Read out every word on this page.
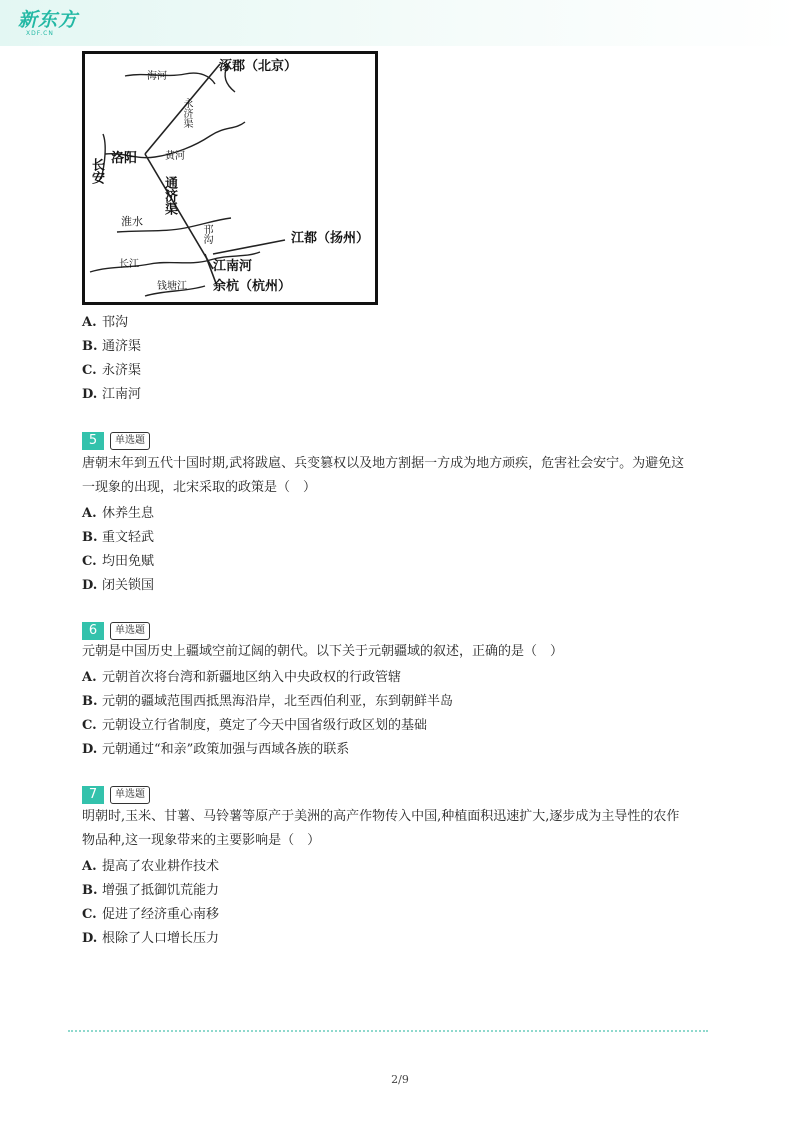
新东方
XDF.CN
涿郡（北京）
海河
永济渠
洛阳	黄河
长安
通济渠
淮水
邗沟	江都（扬州）
长江	江南河
钱塘江 余杭（杭州）
A. 邗沟
B. 通济渠
C. 永济渠
D. 江南河
5 单选题
唐朝末年到五代十国时期,武将跋扈、兵变篡权以及地方割据一方成为地方顽疾，危害社会安宁。为避免这一现象的出现，北宋采取的政策是（　）
A. 休养生息
B. 重文轻武
C. 均田免赋
D. 闭关锁国
6 单选题
元朝是中国历史上疆域空前辽阔的朝代。以下关于元朝疆域的叙述，正确的是（　）
A. 元朝首次将台湾和新疆地区纳入中央政权的行政管辖
B. 元朝的疆域范围西抵黑海沿岸，北至西伯利亚，东到朝鲜半岛
C. 元朝设立行省制度，奠定了今天中国省级行政区划的基础
D. 元朝通过“和亲”政策加强与西域各族的联系
7 单选题
明朝时,玉米、甘薯、马铃薯等原产于美洲的高产作物传入中国,种植面积迅速扩大,逐步成为主导性的农作物品种,这一现象带来的主要影响是（　）
A. 提高了农业耕作技术
B. 增强了抵御饥荒能力
C. 促进了经济重心南移
D. 根除了人口增长压力
2/9
